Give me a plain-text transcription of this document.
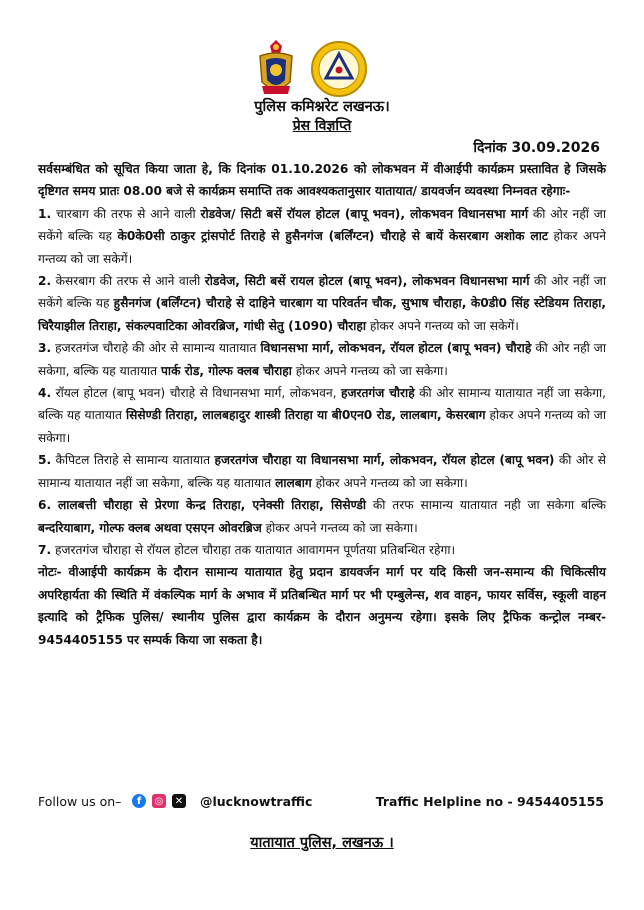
पुलिस कमिश्नरेट लखनऊ।
प्रेस विज्ञप्ति
दिनांक 30.09.2026

सर्वसम्बंधित को सूचित किया जाता हे, कि दिनांक 01.10.2026 को लोकभवन में वीआईपी कार्यक्रम प्रस्तावित हे जिसके दृष्टिगत समय प्रातः 08.00 बजे से कार्यक्रम समाप्ति तक आवश्यकतानुसार यातायात/ डायवर्जन व्यवस्था निम्नवत रहेगाः-

1. चारबाग की तरफ से आने वाली रोडवेज/ सिटी बसें रॉयल होटल (बापू भवन), लोकभवन विधानसभा मार्ग की ओर नहीं जा सकेंगे बल्कि यह के0के0सी ठाकुर ट्रांसपोर्ट तिराहे से हुसैनगंज (बर्लिंग्टन) चौराहे से बायें केसरबाग अशोक लाट होकर अपने गन्तव्य को जा सकेगें।

2. केसरबाग की तरफ से आने वाली रोडवेज, सिटी बसें रायल होटल (बापू भवन), लोकभवन विधानसभा मार्ग की ओर नहीं जा सकेंगे बल्कि यह हुसैनगंज (बर्लिंग्टन) चौराहे से दाहिने चारबाग या परिवर्तन चौक, सुभाष चौराहा, के0डी0 सिंह स्टेडियम तिराहा, चिरैयाझील तिराहा, संकल्पवाटिका ओवरब्रिज, गांधी सेतु (1090) चौराहा होकर अपने गन्तव्य को जा सकेगें।

3. हजरतगंज चौराहे की ओर से सामान्य यातायात विधानसभा मार्ग, लोकभवन, रॉयल होटल (बापू भवन) चौराहे की ओर नही जा सकेगा, बल्कि यह यातायात पार्क रोड, गोल्फ क्लब चौराहा होकर अपने गन्तव्य को जा सकेगा।

4. रॉयल होटल (बापू भवन) चौराहे से विधानसभा मार्ग, लोकभवन, हजरतगंज चौराहे की ओर सामान्य यातायात नहीं जा सकेगा, बल्कि यह यातायात सिसेण्डी तिराहा, लालबहादुर शास्त्री तिराहा या बी0एन0 रोड, लालबाग, केसरबाग होकर अपने गन्तव्य को जा सकेगा।

5. कैपिटल तिराहे से सामान्य यातायात हजरतगंज चौराहा या विधानसभा मार्ग, लोकभवन, रॉयल होटल (बापू भवन) की ओर से सामान्य यातायात नहीं जा सकेगा, बल्कि यह यातायात लालबाग होकर अपने गन्तव्य को जा सकेगा।

6. लालबत्ती चौराहा से प्रेरणा केन्द्र तिराहा, एनेक्सी तिराहा, सिसेण्डी की तरफ सामान्य यातायात नही जा सकेगा बल्कि बन्दरियाबाग, गोल्फ क्लब अथवा एसएन ओवरब्रिज होकर अपने गन्तव्य को जा सकेगा।

7. हजरतगंज चौराहा से रॉयल होटल चौराहा तक यातायात आवागमन पूर्णतया प्रतिबन्धित रहेगा।

नोटः- वीआईपी कार्यक्रम के दौरान सामान्य यातायात हेतु प्रदान डायवर्जन मार्ग पर यदि किसी जन-समान्य की चिकित्सीय अपरिहार्यता की स्थिति में वंकल्पिक मार्ग के अभाव में प्रतिबन्धित मार्ग पर भी एम्बुलेन्स, शव वाहन, फायर सर्विस, स्कूली वाहन इत्यादि को ट्रैफिक पुलिस/ स्थानीय पुलिस द्वारा कार्यक्रम के दौरान अनुमन्य रहेगा। इसके लिए ट्रैफिक कन्ट्रोल नम्बर- 9454405155 पर सम्पर्क किया जा सकता है।

Follow us on–	f	◎ ✕ @lucknowtraffic	Traffic Helpline no - 9454405155
यातायात पुलिस, लखनऊ ।
